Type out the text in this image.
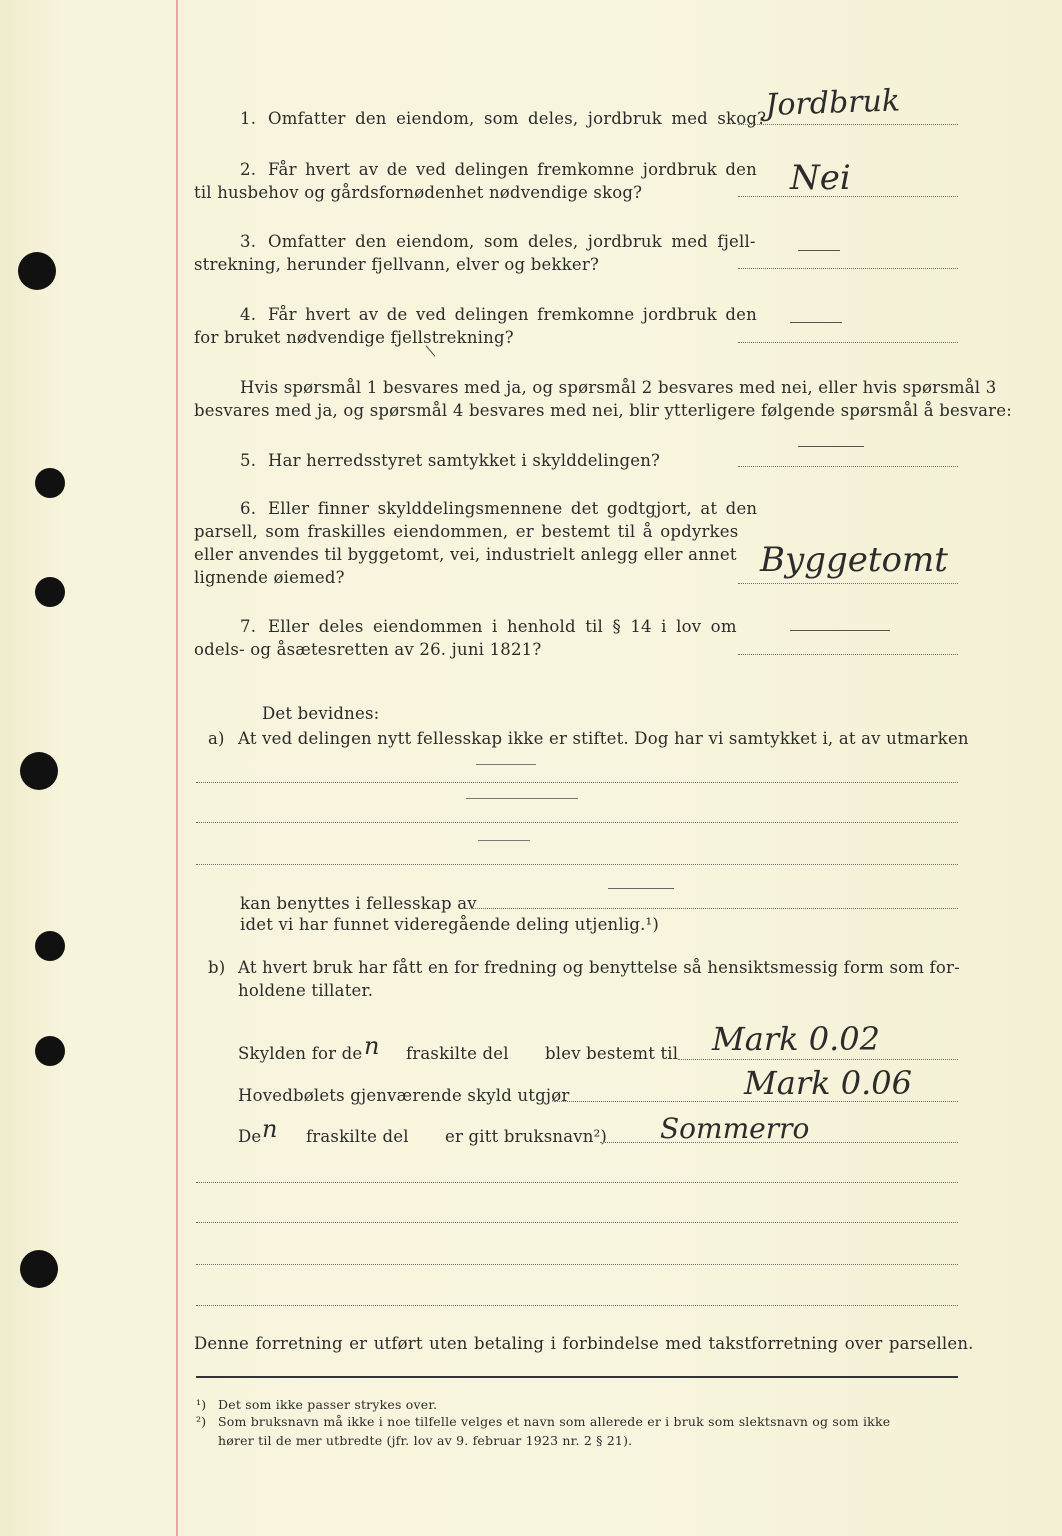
1. Omfatter den eiendom, som deles, jordbruk med skog?
Jordbruk
2. Får hvert av de ved delingen fremkomne jordbruk den
til husbehov og gårdsfornødenhet nødvendige skog?	Nei
3. Omfatter den eiendom, som deles, jordbruk med fjell-
strekning, herunder fjellvann, elver og bekker?
4. Får hvert av de ved delingen fremkomne jordbruk den
for bruket nødvendige fjellstrekning?
Hvis spørsmål 1 besvares med ja, og spørsmål 2 besvares med nei, eller hvis spørsmål 3
besvares med ja, og spørsmål 4 besvares med nei, blir ytterligere følgende spørsmål å besvare:
5. Har herredsstyret samtykket i skylddelingen?
6. Eller finner skylddelingsmennene det godtgjort, at den
parsell, som fraskilles eiendommen, er bestemt til å opdyrkes
eller anvendes til byggetomt, vei, industrielt anlegg eller annet
lignende øiemed?	Byggetomt
7. Eller deles eiendommen i henhold til § 14 i lov om
odels- og åsætesretten av 26. juni 1821?
Det bevidnes:
a) At ved delingen nytt fellesskap ikke er stiftet. Dog har vi samtykket i, at av utmarken
kan benyttes i fellesskap av
idet vi har funnet videregående deling utjenlig.¹)
b) At hvert bruk har fått en for fredning og benyttelse så hensiktsmessig form som for-
holdene tillater.
Skylden for de n fraskilte del blev bestemt til Mark 0.02
Hovedbølets gjenværende skyld utgjør	Mark 0.06
De n fraskilte del er gitt bruksnavn²) Sommerro
Denne forretning er utført uten betaling i forbindelse med takstforretning over parsellen.
¹) Det som ikke passer strykes over.
²) Som bruksnavn må ikke i noe tilfelle velges et navn som allerede er i bruk som slektsnavn og som ikke
hører til de mer utbredte (jfr. lov av 9. februar 1923 nr. 2 § 21).
